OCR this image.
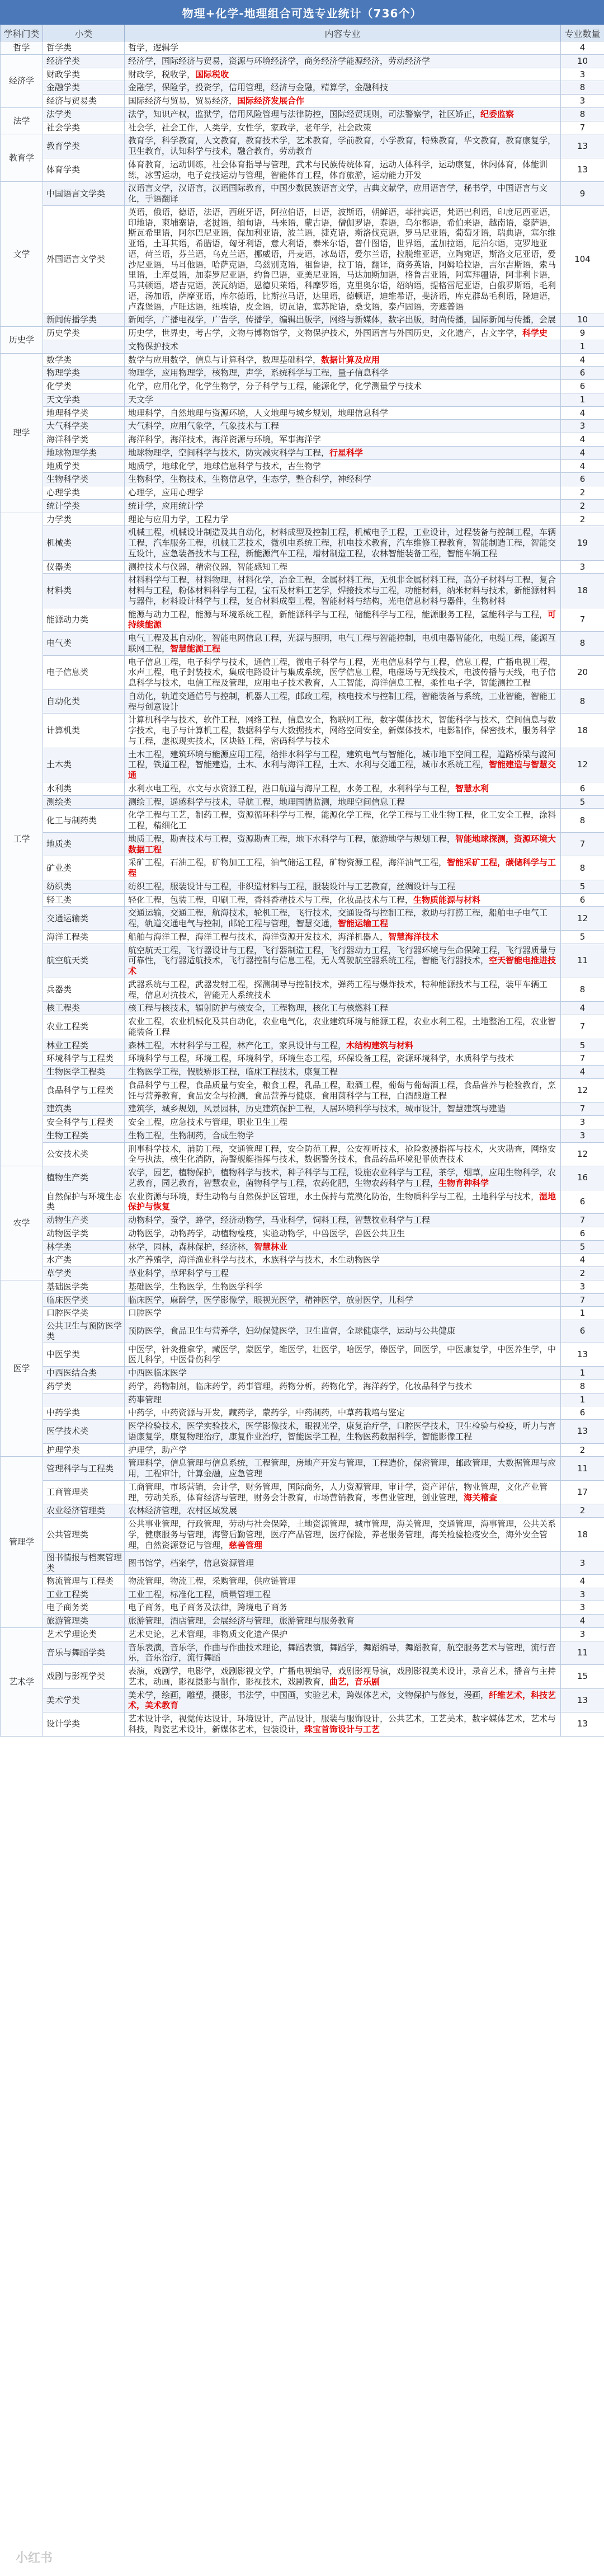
物理+化学-地理组合可选专业统计（736个）
学科门类	小类	内容专业	专业数量
哲学	哲学类	哲学，逻辑学	4
经济学	经济学类	经济学，国际经济与贸易，资源与环境经济学，商务经济学能源经济，劳动经济学	10
	财政学类	财政学，税收学，国际税收	3
	金融学类	金融学，保险学，投资学，信用管理，经济与金融，精算学，金融科技	8
	经济与贸易类	国际经济与贸易，贸易经济，国际经济发展合作	3
法学	法学类	法学，知识产权，监狱学，信用风险管理与法律防控，国际经贸规则，司法警察学，社区矫正，纪委监察	8
	社会学类	社会学，社会工作，人类学，女性学，家政学，老年学，社会政策	7
教育学	教育学类	教育学，科学教育，人文教育，教育技术学，艺术教育，学前教育，小学教育，特殊教育，华文教育，教育康复学，卫生教育，认知科学与技术，融合教育，劳动教育	13
	体育学类	体育教育，运动训练，社会体育指导与管理，武术与民族传统体育，运动人体科学，运动康复，休闲体育，体能训练，冰雪运动，电子竞技运动与管理，智能体育工程，体育旅游，运动能力开发	13
文学	中国语言文学类	汉语言文学，汉语言，汉语国际教育，中国少数民族语言文学，古典文献学，应用语言学，秘书学，中国语言与文化，手语翻译	9
	外国语言文学类	英语，俄语，德语，法语，西班牙语，阿拉伯语，日语，波斯语，朝鲜语，菲律宾语，梵语巴利语，印度尼西亚语，印地语，柬埔寨语，老挝语，缅甸语，马来语，蒙古语，僧伽罗语，泰语，乌尔都语，希伯来语，越南语，豪萨语，斯瓦希里语，阿尔巴尼亚语，保加利亚语，波兰语，捷克语，斯洛伐克语，罗马尼亚语，葡萄牙语，瑞典语，塞尔维亚语，土耳其语，希腊语，匈牙利语，意大利语，泰米尔语，普什图语，世界语，孟加拉语，尼泊尔语，克罗地亚语，荷兰语，芬兰语，乌克兰语，挪威语，丹麦语，冰岛语，爱尔兰语，拉脱维亚语，立陶宛语，斯洛文尼亚语，爱沙尼亚语，马耳他语，哈萨克语，乌兹别克语，祖鲁语，拉丁语，翻译，商务英语，阿姆哈拉语，吉尔吉斯语，索马里语，土库曼语，加泰罗尼亚语，约鲁巴语，亚美尼亚语，马达加斯加语，格鲁吉亚语，阿塞拜疆语，阿非利卡语，马其顿语，塔吉克语，茨瓦纳语，恩德贝莱语，科摩罗语，克里奥尔语，绍纳语，提格雷尼亚语，白俄罗斯语，毛利语，汤加语，萨摩亚语，库尔德语，比斯拉马语，达里语，德顿语，迪维希语，斐济语，库克群岛毛利语，隆迪语，卢森堡语，卢旺达语，纽埃语，皮金语，切瓦语，塞苏陀语，桑戈语，泰卢固语，旁遮普语	104
	新闻传播学类	新闻学，广播电视学，广告学，传播学，编辑出版学，网络与新媒体，数字出版，时尚传播，国际新闻与传播，会展	10
历史学	历史学类	历史学，世界史，考古学，文物与博物馆学，文物保护技术，外国语言与外国历史，文化遗产，古文字学，科学史	9
		文物保护技术	1
理学	数学类	数学与应用数学，信息与计算科学，数理基础科学，数据计算及应用	4
	物理学类	物理学，应用物理学，核物理，声学，系统科学与工程，量子信息科学	6
	化学类	化学，应用化学，化学生物学，分子科学与工程，能源化学，化学测量学与技术	6
	天文学类	天文学	1
	地理科学类	地理科学，自然地理与资源环境，人文地理与城乡规划，地理信息科学	4
	大气科学类	大气科学，应用气象学，气象技术与工程	3
	海洋科学类	海洋科学，海洋技术，海洋资源与环境，军事海洋学	4
	地球物理学类	地球物理学，空间科学与技术，防灾减灾科学与工程，行星科学	4
	地质学类	地质学，地球化学，地球信息科学与技术，古生物学	4
	生物科学类	生物科学，生物技术，生物信息学，生态学，整合科学，神经科学	6
	心理学类	心理学，应用心理学	2
	统计学类	统计学，应用统计学	2
工学	力学类	理论与应用力学，工程力学	2
	机械类	机械工程，机械设计制造及其自动化，材料成型及控制工程，机械电子工程，工业设计，过程装备与控制工程，车辆工程，汽车服务工程，机械工艺技术，微机电系统工程，机电技术教育，汽车维修工程教育，智能制造工程，智能交互设计，应急装备技术与工程，新能源汽车工程，增材制造工程，农林智能装备工程，智能车辆工程	19
	仪器类	测控技术与仪器，精密仪器，智能感知工程	3
	材料类	材料科学与工程，材料物理，材料化学，冶金工程，金属材料工程，无机非金属材料工程，高分子材料与工程，复合材料与工程，粉体材料科学与工程，宝石及材料工艺学，焊接技术与工程，功能材料，纳米材料与技术，新能源材料与器件，材料设计科学与工程，复合材料成型工程，智能材料与结构，光电信息材料与器件，生物材料	18
	能源动力类	能源与动力工程，能源与环境系统工程，新能源科学与工程，储能科学与工程，能源服务工程，氢能科学与工程，可持续能源	7
	电气类	电气工程及其自动化，智能电网信息工程，光源与照明，电气工程与智能控制，电机电器智能化，电缆工程，能源互联网工程，智慧能源工程	8
	电子信息类	电子信息工程，电子科学与技术，通信工程，微电子科学与工程，光电信息科学与工程，信息工程，广播电视工程，水声工程，电子封装技术，集成电路设计与集成系统，医学信息工程，电磁场与无线技术，电波传播与天线，电子信息科学与技术，电信工程及管理，应用电子技术教育，人工智能，海洋信息工程，柔性电子学，智能测控工程	20
	自动化类	自动化，轨道交通信号与控制，机器人工程，邮政工程，核电技术与控制工程，智能装备与系统，工业智能，智能工程与创意设计	8
	计算机类	计算机科学与技术，软件工程，网络工程，信息安全，物联网工程，数字媒体技术，智能科学与技术，空间信息与数字技术，电子与计算机工程，数据科学与大数据技术，网络空间安全，新媒体技术，电影制作，保密技术，服务科学与工程，虚拟现实技术，区块链工程，密码科学与技术	18
	土木类	土木工程，建筑环境与能源应用工程，给排水科学与工程，建筑电气与智能化，城市地下空间工程，道路桥梁与渡河工程，铁道工程，智能建造，土木、水利与海洋工程，土木、水利与交通工程，城市水系统工程，智能建造与智慧交通	12
	水利类	水利水电工程，水文与水资源工程，港口航道与海岸工程，水务工程，水利科学与工程，智慧水利	6
	测绘类	测绘工程，遥感科学与技术，导航工程，地理国情监测，地理空间信息工程	5
	化工与制药类	化学工程与工艺，制药工程，资源循环科学与工程，能源化学工程，化学工程与工业生物工程，化工安全工程，涂料工程，精细化工	8
	地质类	地质工程，勘查技术与工程，资源勘查工程，地下水科学与工程，旅游地学与规划工程，智能地球探测，资源环境大数据工程	7
	矿业类	采矿工程，石油工程，矿物加工工程，油气储运工程，矿物资源工程，海洋油气工程，智能采矿工程，碳储科学与工程	8
	纺织类	纺织工程，服装设计与工程，非织造材料与工程，服装设计与工艺教育，丝绸设计与工程	5
	轻工类	轻化工程，包装工程，印刷工程，香料香精技术与工程，化妆品技术与工程，生物质能源与材料	6
	交通运输类	交通运输，交通工程，航海技术，轮机工程，飞行技术，交通设备与控制工程，救助与打捞工程，船舶电子电气工程，轨道交通电气与控制，邮轮工程与管理，智慧交通，智能运输工程	12
	海洋工程类	船舶与海洋工程，海洋工程与技术，海洋资源开发技术，海洋机器人，智慧海洋技术	5
	航空航天类	航空航天工程，飞行器设计与工程，飞行器制造工程，飞行器动力工程，飞行器环境与生命保障工程，飞行器质量与可靠性，飞行器适航技术，飞行器控制与信息工程，无人驾驶航空器系统工程，智能飞行器技术，空天智能电推进技术	11
	兵器类	武器系统与工程，武器发射工程，探测制导与控制技术，弹药工程与爆炸技术，特种能源技术与工程，装甲车辆工程，信息对抗技术，智能无人系统技术	8
	核工程类	核工程与核技术，辐射防护与核安全，工程物理，核化工与核燃料工程	4
	农业工程类	农业工程，农业机械化及其自动化，农业电气化，农业建筑环境与能源工程，农业水利工程，土地整治工程，农业智能装备工程	7
	林业工程类	森林工程，木材科学与工程，林产化工，家具设计与工程，木结构建筑与材料	5
	环境科学与工程类	环境科学与工程，环境工程，环境科学，环境生态工程，环保设备工程，资源环境科学，水质科学与技术	7
	生物医学工程类	生物医学工程，假肢矫形工程，临床工程技术，康复工程	4
	食品科学与工程类	食品科学与工程，食品质量与安全，粮食工程，乳品工程，酿酒工程，葡萄与葡萄酒工程，食品营养与检验教育，烹饪与营养教育，食品安全与检测，食品营养与健康，食用菌科学与工程，白酒酿造工程	12
	建筑类	建筑学，城乡规划，风景园林，历史建筑保护工程，人居环境科学与技术，城市设计，智慧建筑与建造	7
	安全科学与工程类	安全工程，应急技术与管理，职业卫生工程	3
	生物工程类	生物工程，生物制药，合成生物学	3
	公安技术类	刑事科学技术，消防工程，交通管理工程，安全防范工程，公安视听技术，抢险救援指挥与技术，火灾勘查，网络安全与执法，核生化消防，海警舰艇指挥与技术，数据警务技术，食品药品环境犯罪侦查技术	12
农学	植物生产类	农学，园艺，植物保护，植物科学与技术，种子科学与工程，设施农业科学与工程，茶学，烟草，应用生物科学，农艺教育，园艺教育，智慧农业，菌物科学与工程，农药化肥，生物农药科学与工程，生物育种科学	16
	自然保护与环境生态类	农业资源与环境，野生动物与自然保护区管理，水土保持与荒漠化防治，生物质科学与工程，土地科学与技术，湿地保护与恢复	6
	动物生产类	动物科学，蚕学，蜂学，经济动物学，马业科学，饲料工程，智慧牧业科学与工程	7
	动物医学类	动物医学，动物药学，动植物检疫，实验动物学，中兽医学，兽医公共卫生	6
	林学类	林学，园林，森林保护，经济林，智慧林业	5
	水产类	水产养殖学，海洋渔业科学与技术，水族科学与技术，水生动物医学	4
	草学类	草业科学，草坪科学与工程	2
医学	基础医学类	基础医学，生物医学，生物医学科学	3
	临床医学类	临床医学，麻醉学，医学影像学，眼视光医学，精神医学，放射医学，儿科学	7
	口腔医学类	口腔医学	1
	公共卫生与预防医学类	预防医学，食品卫生与营养学，妇幼保健医学，卫生监督，全球健康学，运动与公共健康	6
	中医学类	中医学，针灸推拿学，藏医学，蒙医学，维医学，壮医学，哈医学，傣医学，回医学，中医康复学，中医养生学，中医儿科学，中医骨伤科学	13
	中西医结合类	中西医临床医学	1
	药学类	药学，药物制剂，临床药学，药事管理，药物分析，药物化学，海洋药学，化妆品科学与技术	8
		药事管理	1
	中药学类	中药学，中药资源与开发，藏药学，蒙药学，中药制药，中草药栽培与鉴定	6
	医学技术类	医学检验技术，医学实验技术，医学影像技术，眼视光学，康复治疗学，口腔医学技术，卫生检验与检疫，听力与言语康复学，康复物理治疗，康复作业治疗，智能医学工程，生物医药数据科学，智能影像工程	13
	护理学类	护理学，助产学	2
管理学	管理科学与工程类	管理科学，信息管理与信息系统，工程管理，房地产开发与管理，工程造价，保密管理，邮政管理，大数据管理与应用，工程审计，计算金融，应急管理	11
	工商管理类	工商管理，市场营销，会计学，财务管理，国际商务，人力资源管理，审计学，资产评估，物业管理，文化产业管理，劳动关系，体育经济与管理，财务会计教育，市场营销教育，零售业管理，创业管理，海关稽查	17
	农业经济管理类	农林经济管理，农村区域发展	2
	公共管理类	公共事业管理，行政管理，劳动与社会保障，土地资源管理，城市管理，海关管理，交通管理，海事管理，公共关系学，健康服务与管理，海警后勤管理，医疗产品管理，医疗保险，养老服务管理，海关检验检疫安全，海外安全管理，自然资源登记与管理，慈善管理	18
	图书情报与档案管理类	图书馆学，档案学，信息资源管理	3
	物流管理与工程类	物流管理，物流工程，采购管理，供应链管理	4
	工业工程类	工业工程，标准化工程，质量管理工程	3
	电子商务类	电子商务，电子商务及法律，跨境电子商务	3
	旅游管理类	旅游管理，酒店管理，会展经济与管理，旅游管理与服务教育	4
艺术学	艺术学理论类	艺术史论，艺术管理，非物质文化遗产保护	3
	音乐与舞蹈学类	音乐表演，音乐学，作曲与作曲技术理论，舞蹈表演，舞蹈学，舞蹈编导，舞蹈教育，航空服务艺术与管理，流行音乐，音乐治疗，流行舞蹈	11
	戏剧与影视学类	表演，戏剧学，电影学，戏剧影视文学，广播电视编导，戏剧影视导演，戏剧影视美术设计，录音艺术，播音与主持艺术，动画，影视摄影与制作，影视技术，戏剧教育，曲艺，音乐剧	15
	美术学类	美术学，绘画，雕塑，摄影，书法学，中国画，实验艺术，跨媒体艺术，文物保护与修复，漫画，纤维艺术，科技艺术，美术教育	13
	设计学类	艺术设计学，视觉传达设计，环境设计，产品设计，服装与服饰设计，公共艺术，工艺美术，数字媒体艺术，艺术与科技，陶瓷艺术设计，新媒体艺术，包装设计，珠宝首饰设计与工艺	13
小红书
